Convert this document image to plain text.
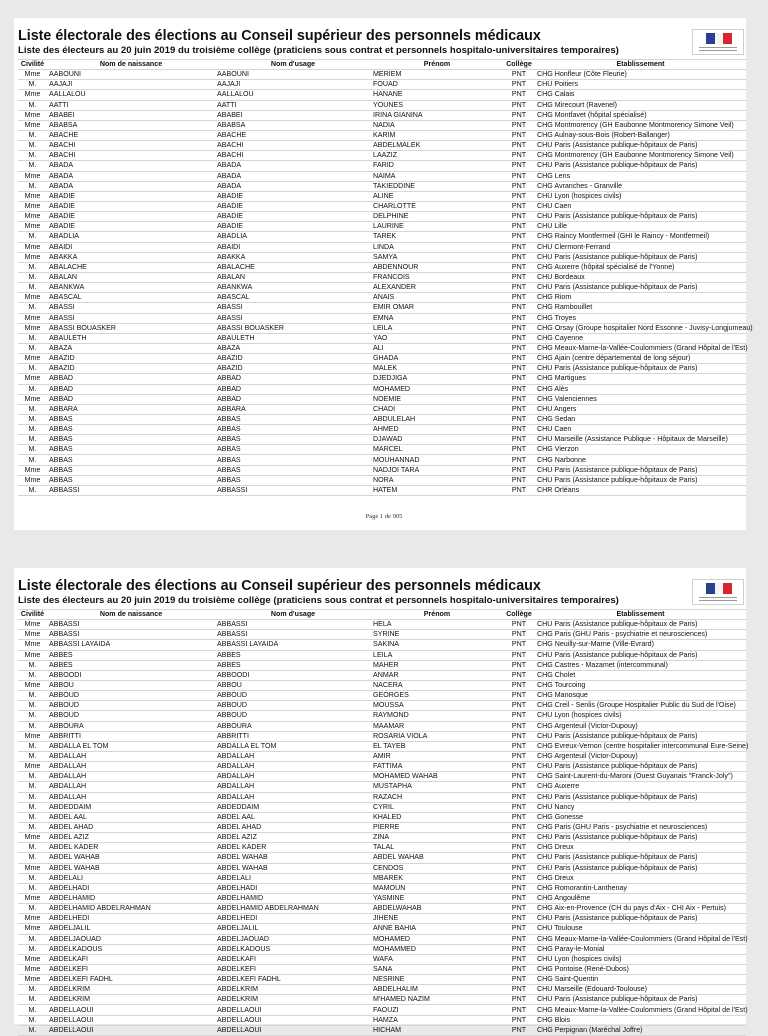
Liste électorale des élections au Conseil supérieur des personnels médicaux
Liste des électeurs au 20 juin 2019 du troisième collège (praticiens sous contrat et personnels hospitalo-universitaires temporaires)
Civilité	Nom de naissance	Nom d'usage	Prénom	Collège	Etablissement
Mme	AABOUNI	AABOUNI	MERIEM	PNT	CHG Honfleur (Côte Fleurie)
M.	AAJAJI	AAJAJI	FOUAD	PNT	CHU Poitiers
Mme	AALLALOU	AALLALOU	HANANE	PNT	CHG Calais
M.	AATTI	AATTI	YOUNES	PNT	CHG Mirecourt (Ravenel)
Mme	ABABEI	ABABEI	IRINA GIANINA	PNT	CHG Montfavet (hôpital spécialisé)
Mme	ABABSA	ABABSA	NADIA	PNT	CHG Montmorency (GH Eaubonne Montmorency Simone Veil)
M.	ABACHE	ABACHE	KARIM	PNT	CHG Aulnay-sous-Bois (Robert-Ballanger)
M.	ABACHI	ABACHI	ABDELMALEK	PNT	CHU Paris (Assistance publique-hôpitaux de Paris)
M.	ABACHI	ABACHI	LAAZIZ	PNT	CHG Montmorency (GH Eaubonne Montmorency Simone Veil)
M.	ABADA	ABADA	FARID	PNT	CHU Paris (Assistance publique-hôpitaux de Paris)
Mme	ABADA	ABADA	NAIMA	PNT	CHG Lens
M.	ABADA	ABADA	TAKIEDDINE	PNT	CHG Avranches - Granville
Mme	ABADIE	ABADIE	ALINE	PNT	CHU Lyon (hospices civils)
Mme	ABADIE	ABADIE	CHARLOTTE	PNT	CHU Caen
Mme	ABADIE	ABADIE	DELPHINE	PNT	CHU Paris (Assistance publique-hôpitaux de Paris)
Mme	ABADIE	ABADIE	LAURINE	PNT	CHU Lille
M.	ABADLIA	ABADLIA	TAREK	PNT	CHG Raincy Montfermeil (GHI le Raincy - Montfermeil)
Mme	ABAIDI	ABAIDI	LINDA	PNT	CHU Clermont-Ferrand
Mme	ABAKKA	ABAKKA	SAMYA	PNT	CHU Paris (Assistance publique-hôpitaux de Paris)
M.	ABALACHE	ABALACHE	ABDENNOUR	PNT	CHG Auxerre (hôpital spécialisé de l'Yonne)
M.	ABALAN	ABALAN	FRANCOIS	PNT	CHU Bordeaux
M.	ABANKWA	ABANKWA	ALEXANDER	PNT	CHU Paris (Assistance publique-hôpitaux de Paris)
Mme	ABASCAL	ABASCAL	ANAIS	PNT	CHG Riom
M.	ABASSI	ABASSI	EMIR OMAR	PNT	CHG Rambouillet
Mme	ABASSI	ABASSI	EMNA	PNT	CHG Troyes
Mme	ABASSI BOUASKER	ABASSI BOUASKER	LEILA	PNT	CHG Orsay (Groupe hospitalier Nord Essonne - Juvisy-Longjumeau)
M.	ABAULETH	ABAULETH	YAO	PNT	CHG Cayenne
M.	ABAZA	ABAZA	ALI	PNT	CHG Meaux-Marne-la-Vallée-Coulommiers (Grand Hôpital de l'Est)
Mme	ABAZID	ABAZID	GHADA	PNT	CHG Ajain (centre départemental de long séjour)
M.	ABAZID	ABAZID	MALEK	PNT	CHU Paris (Assistance publique-hôpitaux de Paris)
Mme	ABBAD	ABBAD	DJEDJIGA	PNT	CHG Martigues
M.	ABBAD	ABBAD	MOHAMED	PNT	CHG Alès
Mme	ABBAD	ABBAD	NOEMIE	PNT	CHG Valenciennes
M.	ABBARA	ABBARA	CHADI	PNT	CHU Angers
M.	ABBAS	ABBAS	ABDULELAH	PNT	CHG Sedan
M.	ABBAS	ABBAS	AHMED	PNT	CHU Caen
M.	ABBAS	ABBAS	DJAWAD	PNT	CHU Marseille (Assistance Publique - Hôpitaux de Marseille)
M.	ABBAS	ABBAS	MARCEL	PNT	CHG Vierzon
M.	ABBAS	ABBAS	MOUHANNAD	PNT	CHG Narbonne
Mme	ABBAS	ABBAS	NADJOI TARA	PNT	CHU Paris (Assistance publique-hôpitaux de Paris)
Mme	ABBAS	ABBAS	NORA	PNT	CHU Paris (Assistance publique-hôpitaux de Paris)
M.	ABBASSI	ABBASSI	HATEM	PNT	CHR Orléans
Page 1 de 905
Liste électorale des élections au Conseil supérieur des personnels médicaux
Liste des électeurs au 20 juin 2019 du troisième collège (praticiens sous contrat et personnels hospitalo-universitaires temporaires)
Civilité	Nom de naissance	Nom d'usage	Prénom	Collège	Etablissement
Mme	ABBASSI	ABBASSI	HELA	PNT	CHU Paris (Assistance publique-hôpitaux de Paris)
Mme	ABBASSI	ABBASSI	SYRINE	PNT	CHG Paris (GHU Paris - psychiatrie et neurosciences)
Mme	ABBASSI LAYAIDA	ABBASSI LAYAIDA	SAKINA	PNT	CHG Neuilly-sur-Marne (Ville-Evrard)
Mme	ABBES	ABBES	LEILA	PNT	CHU Paris (Assistance publique-hôpitaux de Paris)
M.	ABBES	ABBES	MAHER	PNT	CHG Castres - Mazamet (intercommunal)
M.	ABBOODI	ABBOODI	ANMAR	PNT	CHG Cholet
Mme	ABBOU	ABBOU	NACERA	PNT	CHG Tourcoing
M.	ABBOUD	ABBOUD	GEORGES	PNT	CHG Manosque
M.	ABBOUD	ABBOUD	MOUSSA	PNT	CHG Creil - Senlis (Groupe Hospitalier Public du Sud de l'Oise)
M.	ABBOUD	ABBOUD	RAYMOND	PNT	CHU Lyon (hospices civils)
M.	ABBOURA	ABBOURA	MAAMAR	PNT	CHG Argenteuil (Victor-Dupouy)
Mme	ABBRITTI	ABBRITTI	ROSARIA VIOLA	PNT	CHU Paris (Assistance publique-hôpitaux de Paris)
M.	ABDALLA EL TOM	ABDALLA EL TOM	EL TAYEB	PNT	CHG Evreux-Vernon (centre hospitalier intercommunal Eure-Seine)
M.	ABDALLAH	ABDALLAH	AMIR	PNT	CHG Argenteuil (Victor-Dupouy)
Mme	ABDALLAH	ABDALLAH	FATTIMA	PNT	CHU Paris (Assistance publique-hôpitaux de Paris)
M.	ABDALLAH	ABDALLAH	MOHAMED WAHAB	PNT	CHG Saint-Laurent-du-Maroni (Ouest Guyanais "Franck-Joly")
M.	ABDALLAH	ABDALLAH	MUSTAPHA	PNT	CHG Auxerre
M.	ABDALLAH	ABDALLAH	RAZACH	PNT	CHU Paris (Assistance publique-hôpitaux de Paris)
M.	ABDEDDAIM	ABDEDDAIM	CYRIL	PNT	CHU Nancy
M.	ABDEL AAL	ABDEL AAL	KHALED	PNT	CHG Gonesse
M.	ABDEL AHAD	ABDEL AHAD	PIERRE	PNT	CHG Paris (GHU Paris - psychiatrie et neurosciences)
Mme	ABDEL AZIZ	ABDEL AZIZ	ZINA	PNT	CHU Paris (Assistance publique-hôpitaux de Paris)
M.	ABDEL KADER	ABDEL KADER	TALAL	PNT	CHG Dreux
M.	ABDEL WAHAB	ABDEL WAHAB	ABDEL WAHAB	PNT	CHU Paris (Assistance publique-hôpitaux de Paris)
Mme	ABDEL WAHAB	ABDEL WAHAB	CENDOS	PNT	CHU Paris (Assistance publique-hôpitaux de Paris)
M.	ABDELALI	ABDELALI	MBAREK	PNT	CHG Dreux
M.	ABDELHADI	ABDELHADI	MAMOUN	PNT	CHG Romorantin-Lanthenay
Mme	ABDELHAMID	ABDELHAMID	YASMINE	PNT	CHG Angoulême
M.	ABDELHAMID ABDELRAHMAN	ABDELHAMID ABDELRAHMAN	ABDELWAHAB	PNT	CHG Aix-en-Provence (CH du pays d'Aix - CHI Aix - Pertuis)
Mme	ABDELHEDI	ABDELHEDI	JIHENE	PNT	CHU Paris (Assistance publique-hôpitaux de Paris)
Mme	ABDELJALIL	ABDELJALIL	ANNE BAHIA	PNT	CHU Toulouse
M.	ABDELJAOUAD	ABDELJAOUAD	MOHAMED	PNT	CHG Meaux-Marne-la-Vallée-Coulommiers (Grand Hôpital de l'Est)
M.	ABDELKADOUS	ABDELKADOUS	MOHAMMED	PNT	CHG Paray-le-Monial
Mme	ABDELKAFI	ABDELKAFI	WAFA	PNT	CHU Lyon (hospices civils)
Mme	ABDELKEFI	ABDELKEFI	SANA	PNT	CHG Pontoise (René-Dubos)
Mme	ABDELKEFI FADHL	ABDELKEFI FADHL	NESRINE	PNT	CHG Saint-Quentin
M.	ABDELKRIM	ABDELKRIM	ABDELHALIM	PNT	CHU Marseille (Edouard-Toulouse)
M.	ABDELKRIM	ABDELKRIM	M'HAMED NAZIM	PNT	CHU Paris (Assistance publique-hôpitaux de Paris)
M.	ABDELLAOUI	ABDELLAOUI	FAOUZI	PNT	CHG Meaux-Marne-la-Vallée-Coulommiers (Grand Hôpital de l'Est)
M.	ABDELLAOUI	ABDELLAOUI	HAMZA	PNT	CHG Blois
M.	ABDELLAOUI	ABDELLAOUI	HICHAM	PNT	CHG Perpignan (Maréchal Joffre)
